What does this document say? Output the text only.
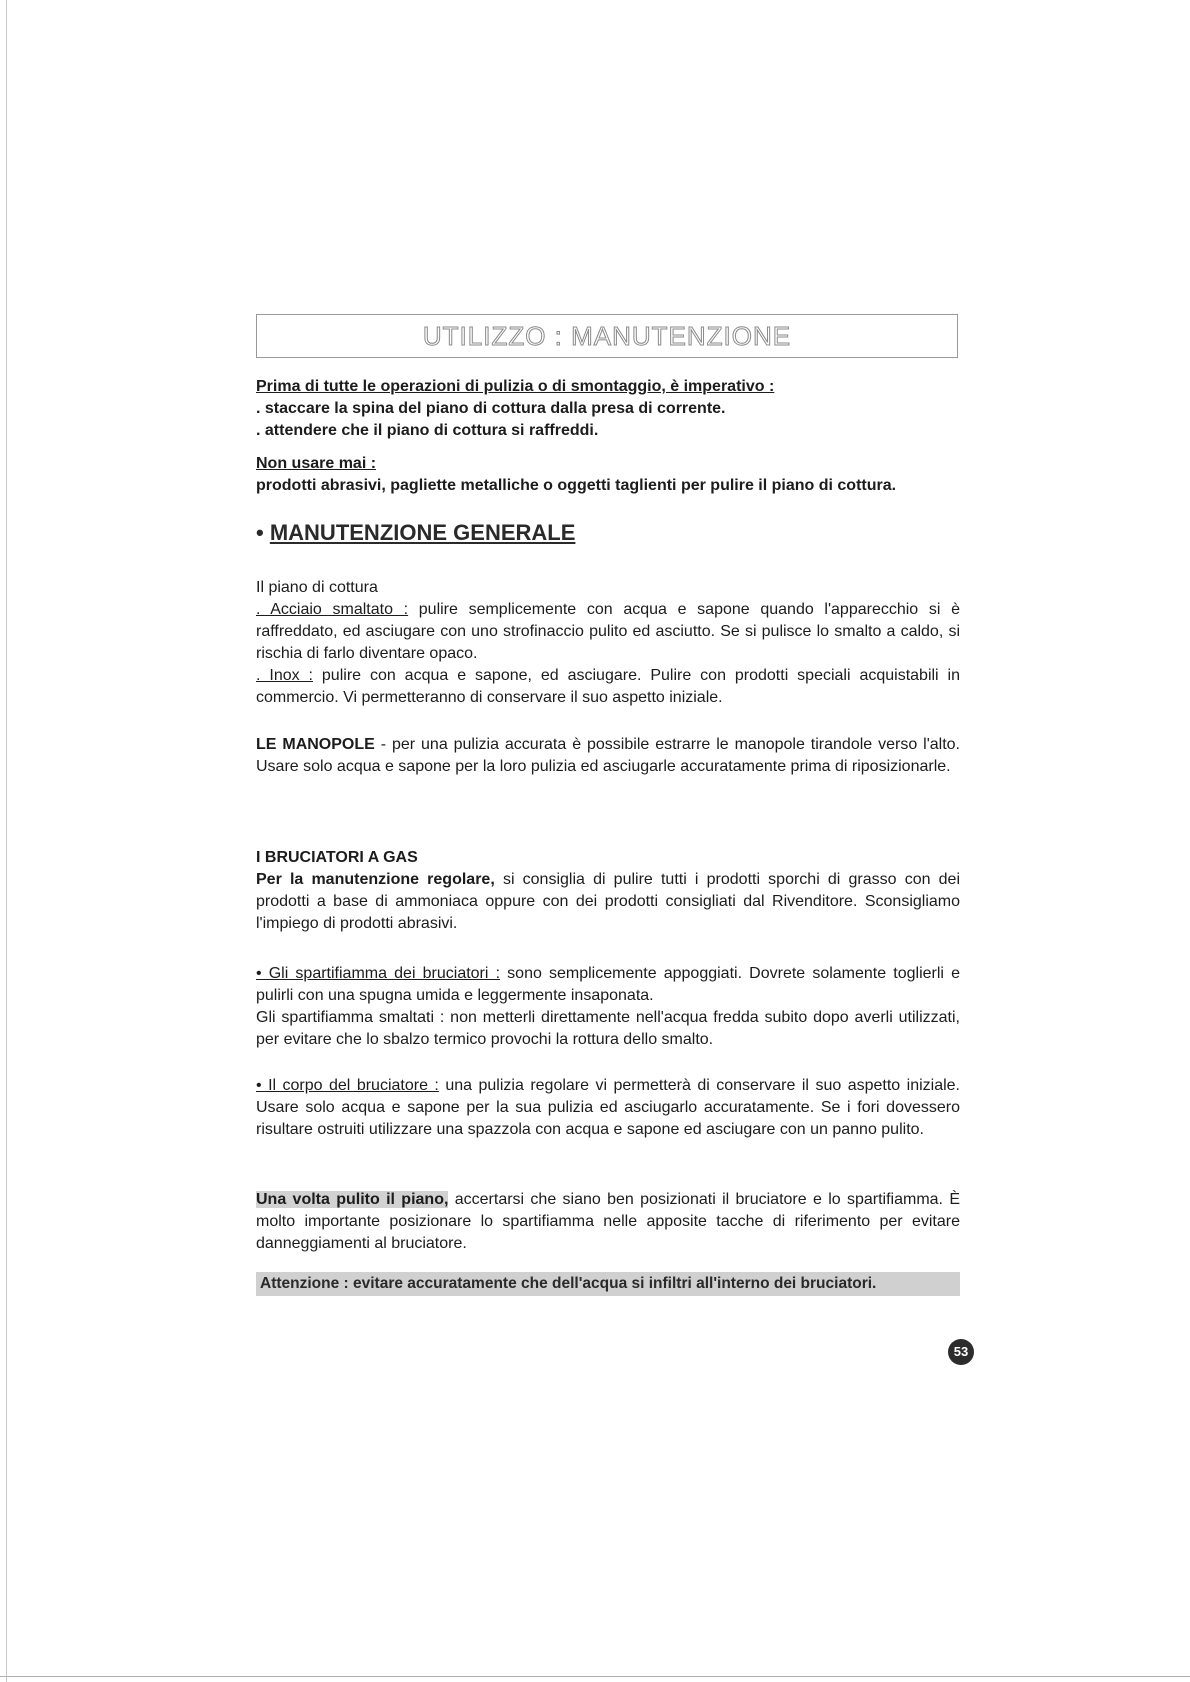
UTILIZZO : MANUTENZIONE

Prima di tutte le operazioni di pulizia o di smontaggio, è imperativo :

. staccare la spina del piano di cottura dalla presa di corrente.

. attendere che il piano di cottura si raffreddi.

Non usare mai :

prodotti abrasivi, pagliette metalliche o oggetti taglienti per pulire il piano di cottura.

• MANUTENZIONE GENERALE

Il piano di cottura

. Acciaio smaltato : pulire semplicemente con acqua e sapone quando l'apparecchio si è raffreddato, ed asciugare con uno strofinaccio pulito ed asciutto. Se si pulisce lo smalto a caldo, si rischia di farlo diventare opaco.

. Inox : pulire con acqua e sapone, ed asciugare. Pulire con prodotti speciali acquistabili in commercio. Vi permetteranno di conservare il suo aspetto iniziale.

LE MANOPOLE - per una pulizia accurata è possibile estrarre le manopole tirandole verso l'alto. Usare solo acqua e sapone per la loro pulizia ed asciugarle accuratamente prima di riposizionarle.

I BRUCIATORI A GAS

Per la manutenzione regolare, si consiglia di pulire tutti i prodotti sporchi di grasso con dei prodotti a base di ammoniaca oppure con dei prodotti consigliati dal Rivenditore. Sconsigliamo l'impiego di prodotti abrasivi.

• Gli spartifiamma dei bruciatori : sono semplicemente appoggiati. Dovrete solamente toglierli e pulirli con una spugna umida e leggermente insaponata.

Gli spartifiamma smaltati : non metterli direttamente nell'acqua fredda subito dopo averli utilizzati, per evitare che lo sbalzo termico provochi la rottura dello smalto.

• Il corpo del bruciatore : una pulizia regolare vi permetterà di conservare il suo aspetto iniziale. Usare solo acqua e sapone per la sua pulizia ed asciugarlo accuratamente. Se i fori dovessero risultare ostruiti utilizzare una spazzola con acqua e sapone ed asciugare con un panno pulito.

Una volta pulito il piano, accertarsi che siano ben posizionati il bruciatore e lo spartifiamma. È molto importante posizionare lo spartifiamma nelle apposite tacche di riferimento per evitare danneggiamenti al bruciatore.

Attenzione : evitare accuratamente che dell'acqua si infiltri all'interno dei bruciatori.
53
